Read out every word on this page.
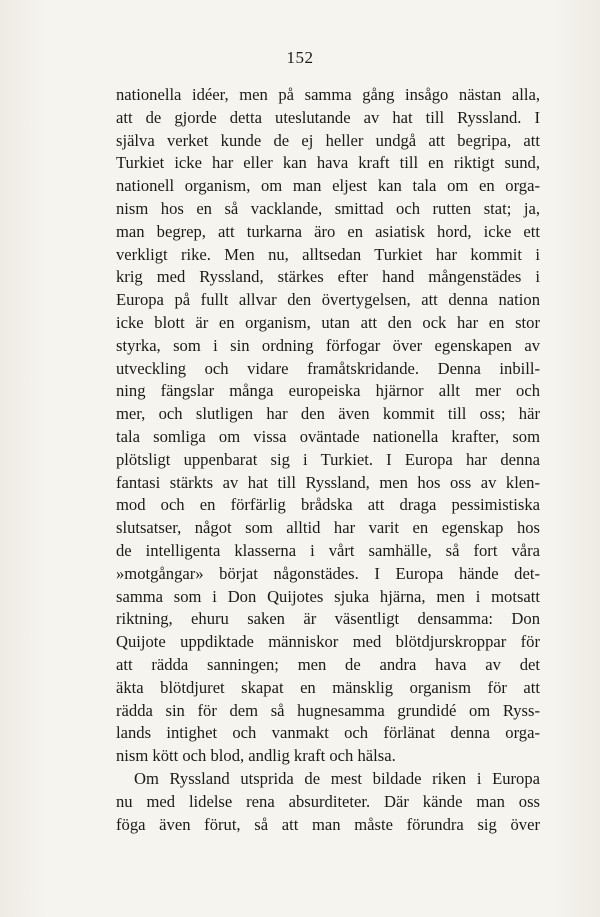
152
nationella idéer, men på samma gång insågo nästan alla,
att de gjorde detta uteslutande av hat till Ryssland. I
själva verket kunde de ej heller undgå att begripa, att
Turkiet icke har eller kan hava kraft till en riktigt sund,
nationell organism, om man eljest kan tala om en orga-
nism hos en så vacklande, smittad och rutten stat; ja,
man begrep, att turkarna äro en asiatisk hord, icke ett
verkligt rike. Men nu, alltsedan Turkiet har kommit i
krig med Ryssland, stärkes efter hand mångenstädes i
Europa på fullt allvar den övertygelsen, att denna nation
icke blott är en organism, utan att den ock har en stor
styrka, som i sin ordning förfogar över egenskapen av
utveckling och vidare framåtskridande. Denna inbill-
ning fängslar många europeiska hjärnor allt mer och
mer, och slutligen har den även kommit till oss; här
tala somliga om vissa oväntade nationella krafter, som
plötsligt uppenbarat sig i Turkiet. I Europa har denna
fantasi stärkts av hat till Ryssland, men hos oss av klen-
mod och en förfärlig brådska att draga pessimistiska
slutsatser, något som alltid har varit en egenskap hos
de intelligenta klasserna i vårt samhälle, så fort våra
»motgångar» börjat någonstädes. I Europa hände det-
samma som i Don Quijotes sjuka hjärna, men i motsatt
riktning, ehuru saken är väsentligt densamma: Don
Quijote uppdiktade människor med blötdjurskroppar för
att rädda sanningen; men de andra hava av det
äkta blötdjuret skapat en mänsklig organism för att
rädda sin för dem så hugnesamma grundidé om Ryss-
lands intighet och vanmakt och förlänat denna orga-
nism kött och blod, andlig kraft och hälsa.
Om Ryssland utsprida de mest bildade riken i Europa
nu med lidelse rena absurditeter. Där kände man oss
föga även förut, så att man måste förundra sig över
